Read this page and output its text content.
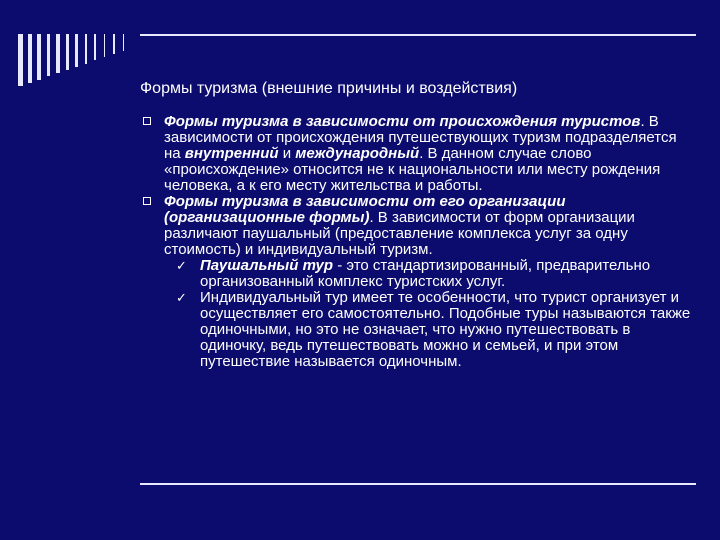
Формы туризма (внешние причины и воздействия)

Формы туризма в зависимости от происхождения туристов. В зависимости от происхождения путешествующих туризм подразделяется на внутренний и международный. В данном случае слово «происхождение» относится не к национальности или месту рождения человека, а к его месту жительства и работы.

Формы туризма в зависимости от его организации (организационные формы). В зависимости от форм организации различают паушальный (предоставление комплекса услуг за одну стоимость) и индивидуальный туризм.

✓ Паушальный тур - это стандартизированный, предварительно организованный комплекс туристских услуг.

✓ Индивидуальный тур имеет те особенности, что турист организует и осуществляет его самостоятельно. Подобные туры называются также одиночными, но это не означает, что нужно путешествовать в одиночку, ведь путешествовать можно и семьей, и при этом путешествие называется одиночным.
